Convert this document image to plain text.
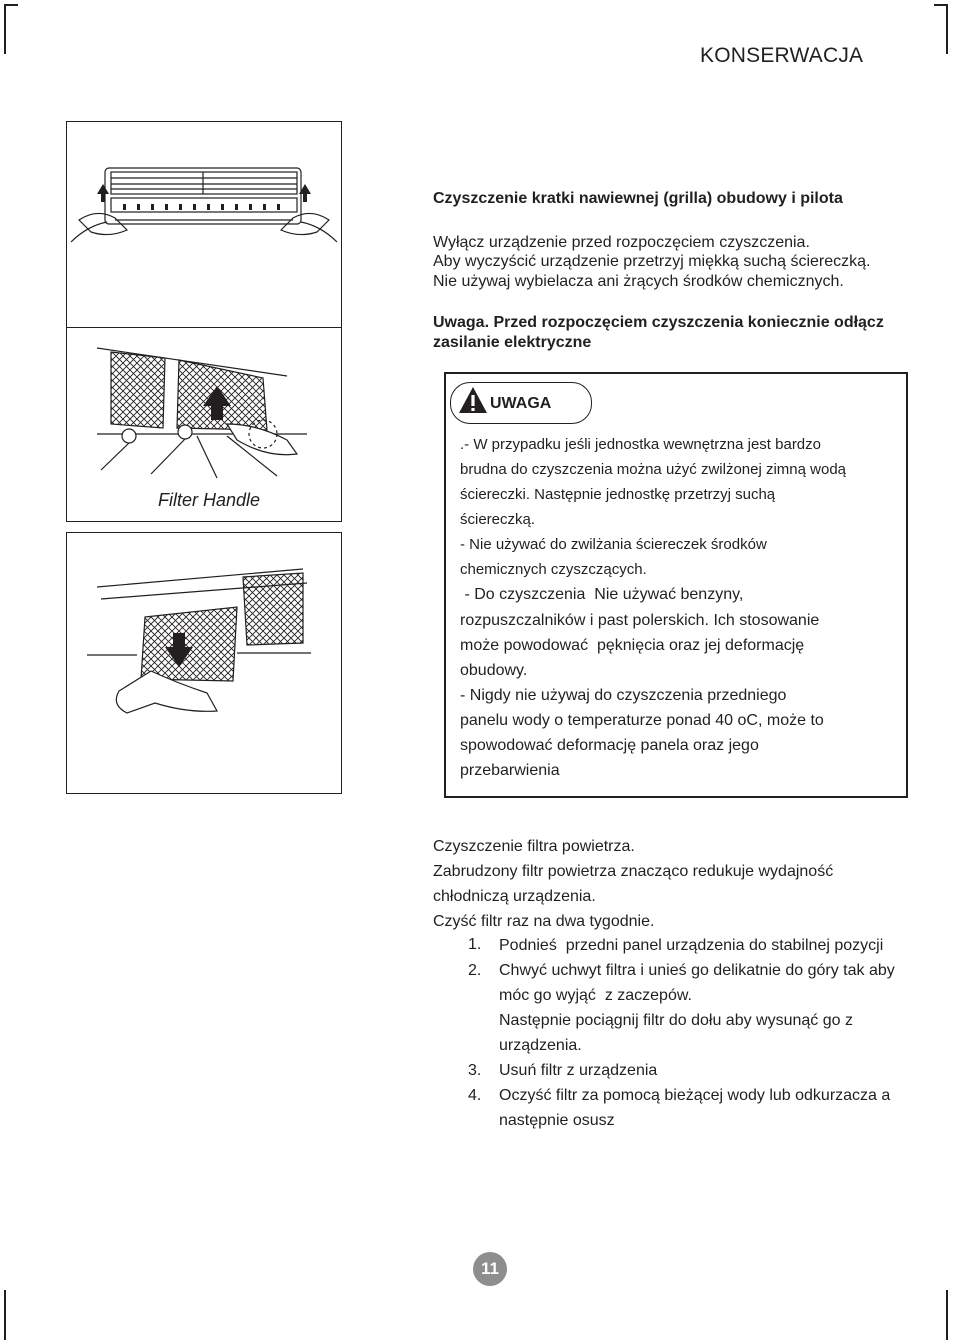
KONSERWACJA
Filter Handle
Czyszczenie kratki nawiewnej (grilla) obudowy i pilota
Wyłącz urządzenie przed rozpoczęciem czyszczenia.
Aby wyczyścić urządzenie przetrzyj miękką suchą ściereczką.
Nie używaj wybielacza ani żrących środków chemicznych.
Uwaga. Przed rozpoczęciem czyszczenia koniecznie odłącz
zasilanie elektryczne
UWAGA
.- W przypadku jeśli jednostka wewnętrzna jest bardzo
brudna do czyszczenia można użyć zwilżonej zimną wodą
ściereczki. Następnie jednostkę przetrzyj suchą
ściereczką.
- Nie używać do zwilżania ściereczek środków
chemicznych czyszczących.
- Do czyszczenia  Nie używać benzyny,
rozpuszczalników i past polerskich. Ich stosowanie
może powodować  pęknięcia oraz jej deformację
obudowy.
- Nigdy nie używaj do czyszczenia przedniego
panelu wody o temperaturze ponad 40 oC, może to
spowodować deformację panela oraz jego
przebarwienia
Czyszczenie filtra powietrza.
Zabrudzony filtr powietrza znacząco redukuje wydajność
chłodniczą urządzenia.
Czyść filtr raz na dwa tygodnie.
1. Podnieś  przedni panel urządzenia do stabilnej pozycji
2. Chwyć uchwyt filtra i unieś go delikatnie do góry tak aby
móc go wyjąć  z zaczepów.
Następnie pociągnij filtr do dołu aby wysunąć go z
urządzenia.
3. Usuń filtr z urządzenia
4. Oczyść filtr za pomocą bieżącej wody lub odkurzacza a
następnie osusz
11
